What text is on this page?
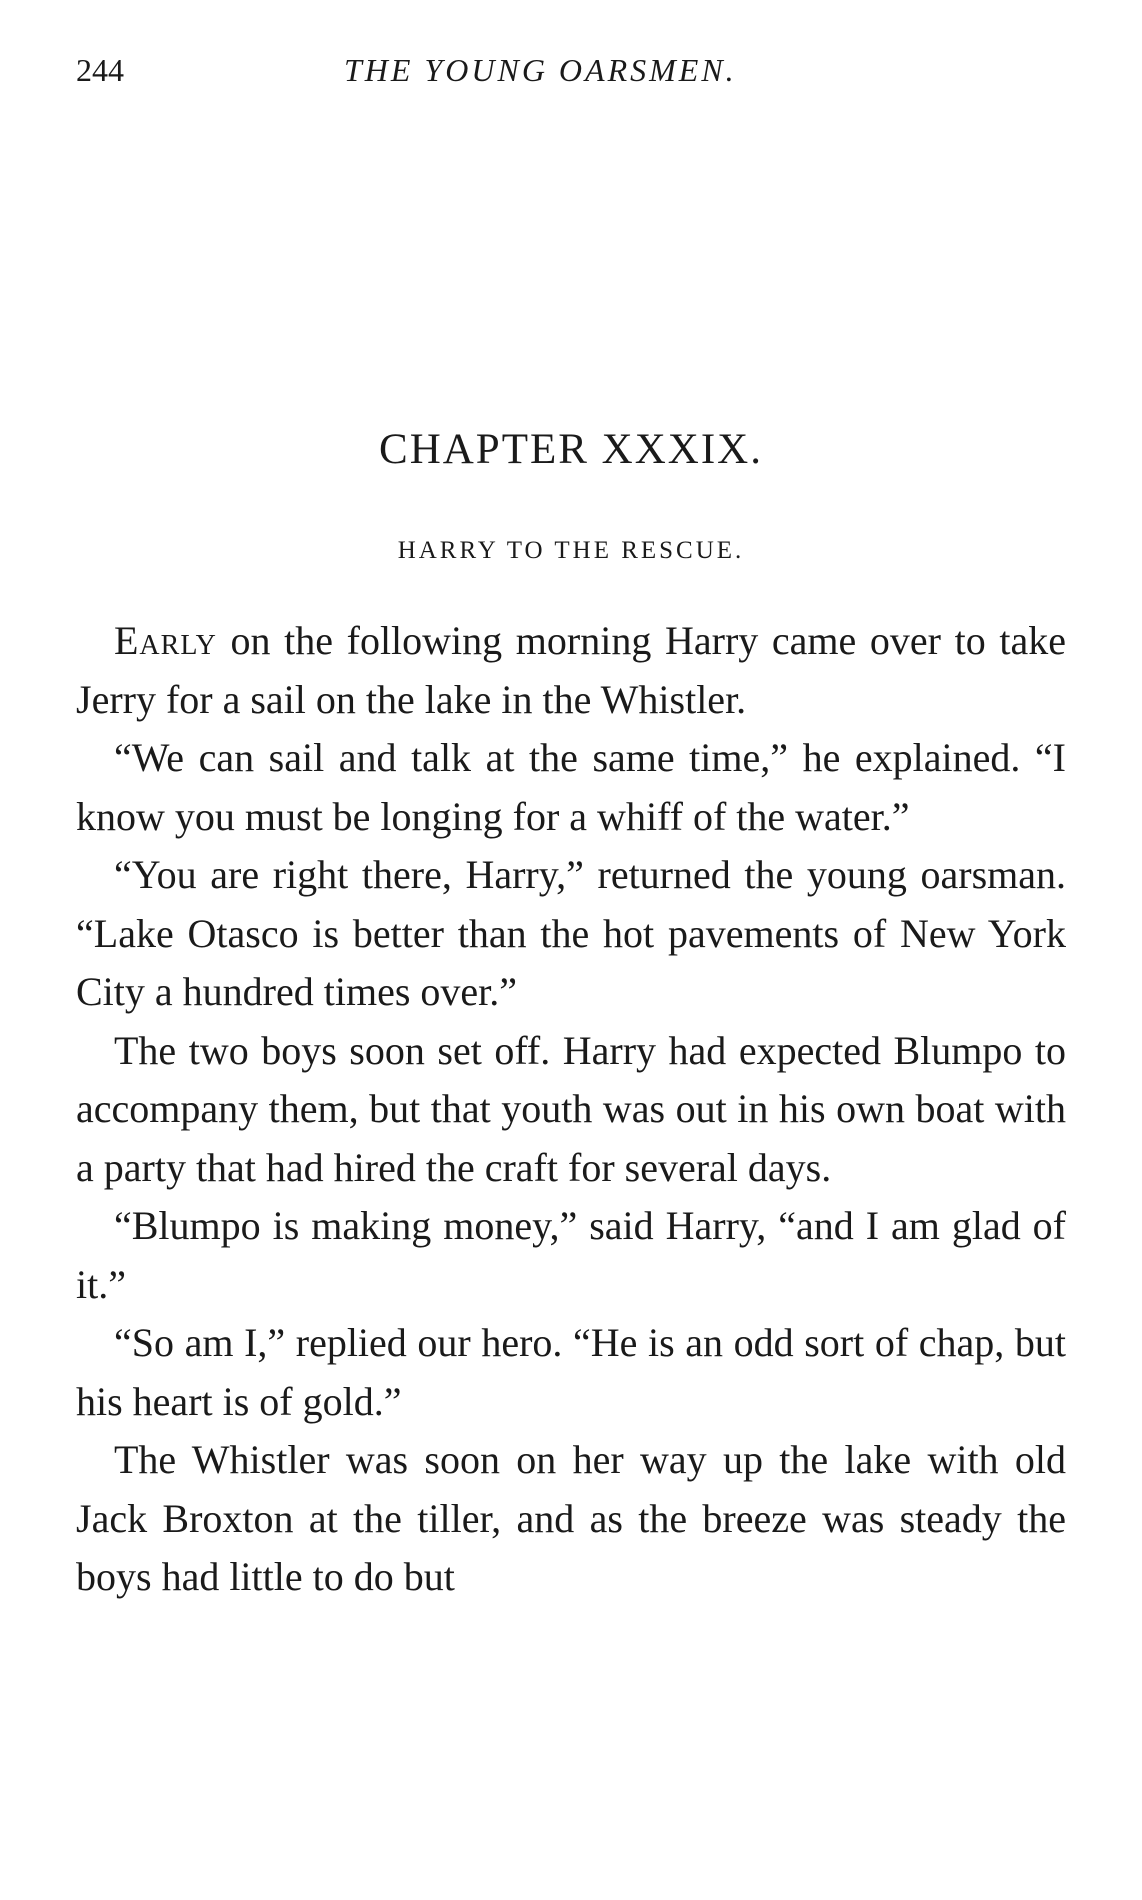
244	THE YOUNG OARSMEN.
CHAPTER XXXIX.
HARRY TO THE RESCUE.

Early on the following morning Harry came over to take Jerry for a sail on the lake in the Whistler.

“We can sail and talk at the same time,” he explained. “I know you must be longing for a whiff of the water.”

“You are right there, Harry,” returned the young oarsman. “Lake Otasco is better than the hot pavements of New York City a hundred times over.”

The two boys soon set off. Harry had expected Blumpo to accompany them, but that youth was out in his own boat with a party that had hired the craft for several days.

“Blumpo is making money,” said Harry, “and I am glad of it.”

“So am I,” replied our hero. “He is an odd sort of chap, but his heart is of gold.”

The Whistler was soon on her way up the lake with old Jack Broxton at the tiller, and as the breeze was steady the boys had little to do but
